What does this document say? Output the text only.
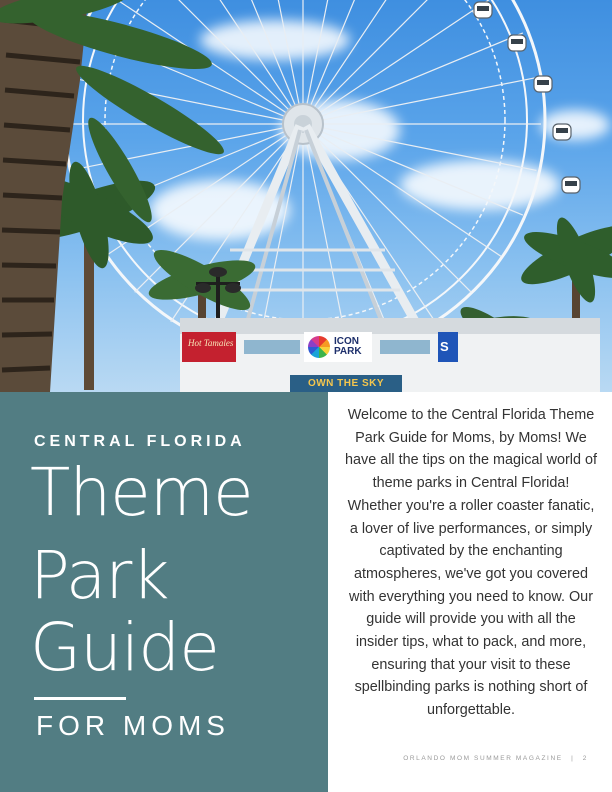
Hot Tamales	ICON
PARK	S
OWN THE SKY
CENTRAL FLORIDA
Theme
Park
Guide
FOR MOMS

Welcome to the Central Florida Theme Park Guide for Moms, by Moms! We have all the tips on the magical world of theme parks in Central Florida! Whether you're a roller coaster fanatic, a lover of live performances, or simply captivated by the enchanting atmospheres, we've got you covered with everything you need to know. Our guide will provide you with all the insider tips, what to pack, and more, ensuring that your visit to these spellbinding parks is nothing short of unforgettable.

ORLANDO MOM SUMMER MAGAZINE | 2
